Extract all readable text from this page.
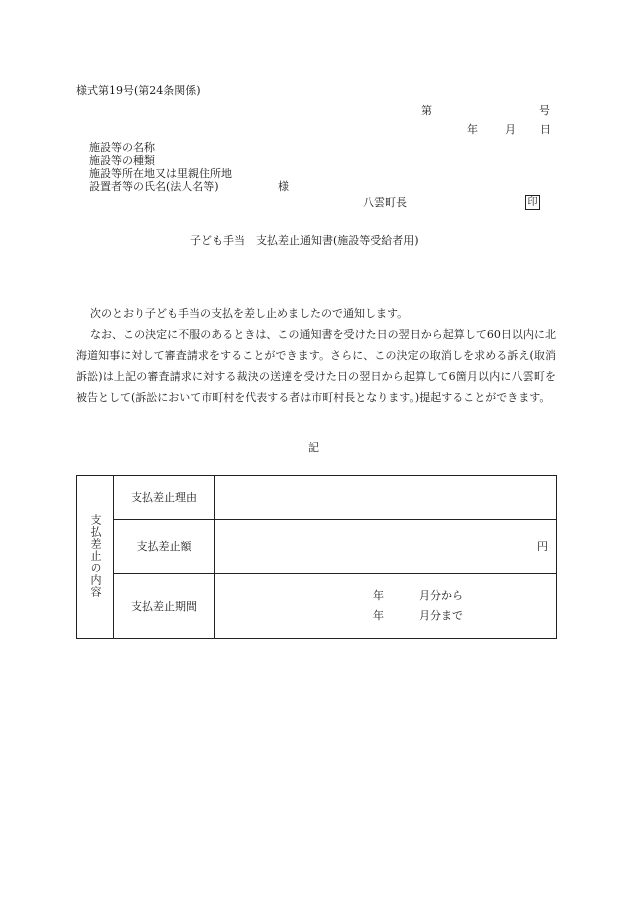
様式第19号(第24条関係)
第	号
年 月 日
施設等の名称
施設等の種類
施設等所在地又は里親住所地
設置者等の氏名(法人名等)	様
八雲町長	印
子ども手当　支払差止通知書(施設等受給者用)

次のとおり子ども手当の支払を差し止めましたので通知します。

なお、この決定に不服のあるときは、この通知書を受けた日の翌日から起算して60日以内に北海道知事に対して審査請求をすることができます。さらに、この決定の取消しを求める訴え(取消訴訟)は上記の審査請求に対する裁決の送達を受けた日の翌日から起算して6箇月以内に八雲町を被告として(訴訟において市町村を代表する者は市町村長となります。)提起することができます。

記
支払差止の内容	支払差止理由	
	支払差止額	円
	支払差止期間	年 月分から
年 月分まで
